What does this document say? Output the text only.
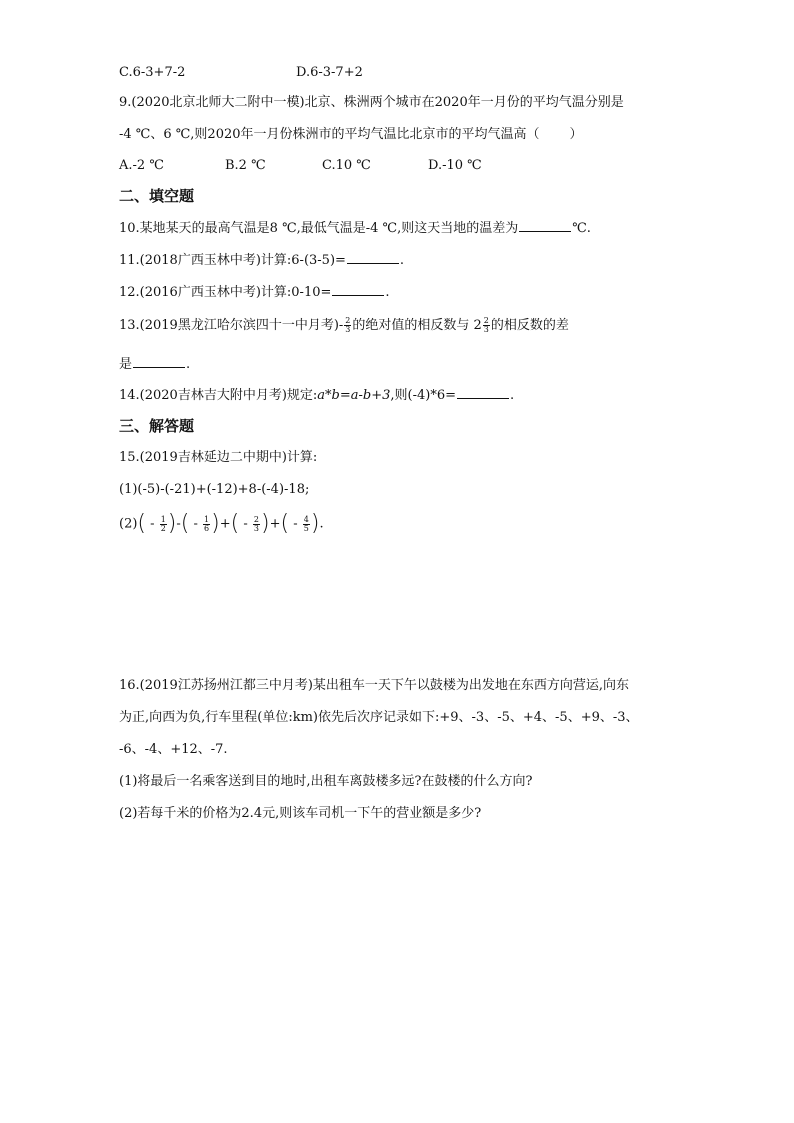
C.6-3+7-2	D.6-3-7+2
9.(2020北京北师大二附中一模)北京、株洲两个城市在2020年一月份的平均气温分别是
-4 ℃、6 ℃,则2020年一月份株洲市的平均气温比北京市的平均气温高（ ）
A.-2 ℃	B.2 ℃	C.10 ℃	D.-10 ℃
二、填空题
10.某地某天的最高气温是8 ℃,最低气温是-4 ℃,则这天当地的温差为	℃.
11.(2018广西玉林中考)计算:6-(3-5)=	.
12.(2016广西玉林中考)计算:0-10=	.
13.(2019黑龙江哈尔滨四十一中月考)- $\frac{2}{3}$ 的绝对值的相反数与 $2 \frac{2}{3}$ 的相反数的差
是	.
14.(2020吉林吉大附中月考)规定:a*b=a-b+3,则(-4)*6=	.
三、解答题
15.(2019吉林延边二中期中)计算:
(1)(-5)-(-21)+(-12)+8-(-4)-18;
$(2)( - \frac{1}{2}$ )-( - $\frac{1}{6}$ )+( - $\frac{2}{3}$ )+( - $\frac{4}{5}$ ).
16.(2019江苏扬州江都三中月考)某出租车一天下午以鼓楼为出发地在东西方向营运,向东
为正,向西为负,行车里程(单位:km)依先后次序记录如下:+9、-3、-5、+4、-5、+9、-3、
-6、-4、+12、-7.
(1)将最后一名乘客送到目的地时,出租车离鼓楼多远?在鼓楼的什么方向?
(2)若每千米的价格为2.4元,则该车司机一下午的营业额是多少?
